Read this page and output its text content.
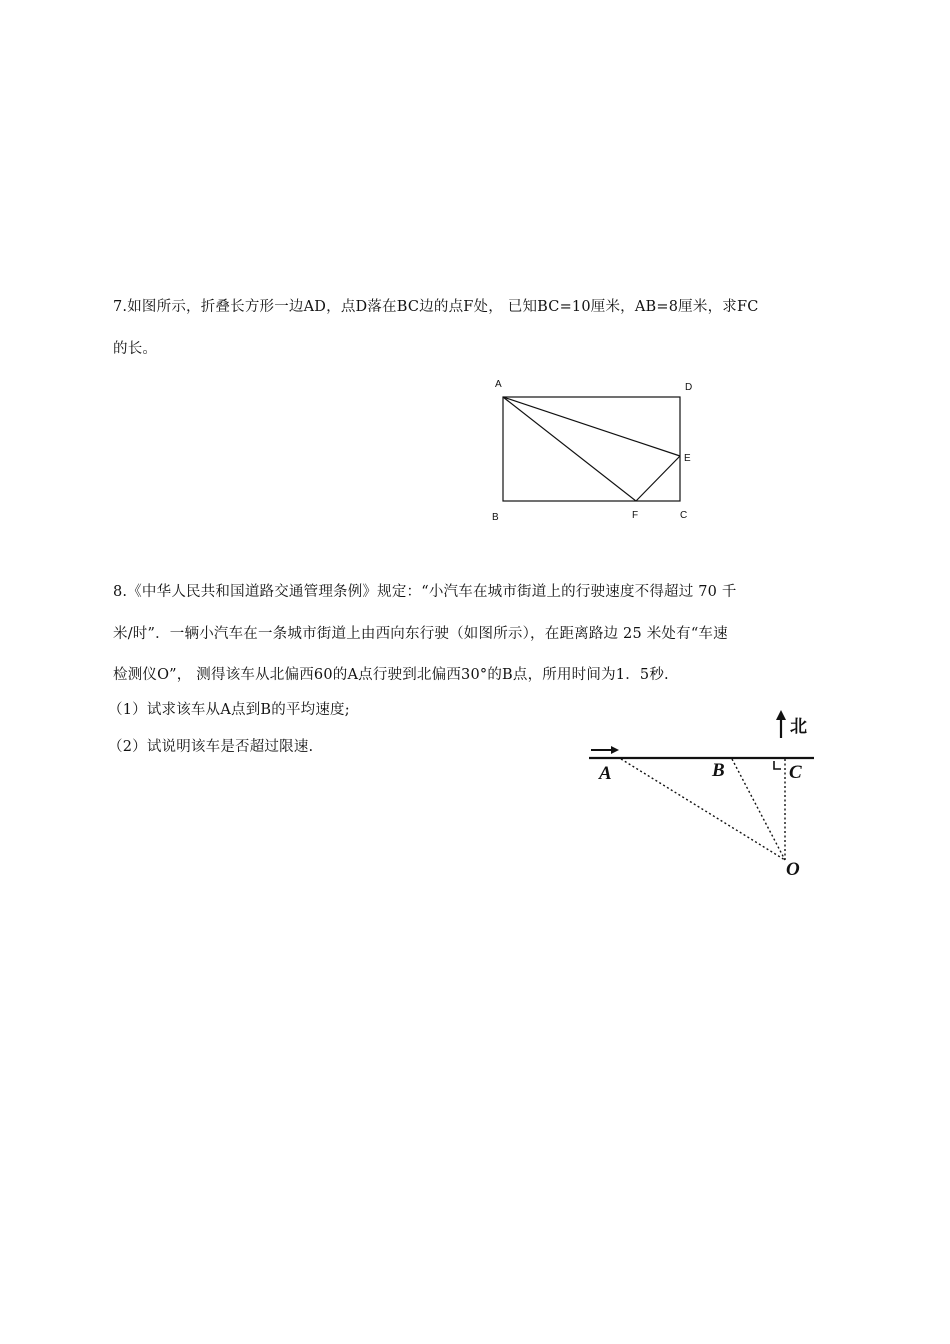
7.如图所示，折叠长方形一边AD，点D落在BC边的点F处， 已知BC=10厘米，AB=8厘米，求FC
的长。
A	D
E
B	F	C
8.《中华人民共和国道路交通管理条例》规定：“小汽车在城市街道上的行驶速度不得超过 70 千
米/时”．一辆小汽车在一条城市街道上由西向东行驶（如图所示），在距离路边 25 米处有“车速
检测仪O”， 测得该车从北偏西60的A点行驶到北偏西30°的B点，所用时间为1．5秒.
（1）试求该车从A点到B的平均速度;
（2）试说明该车是否超过限速.
北
A	B	C
O
